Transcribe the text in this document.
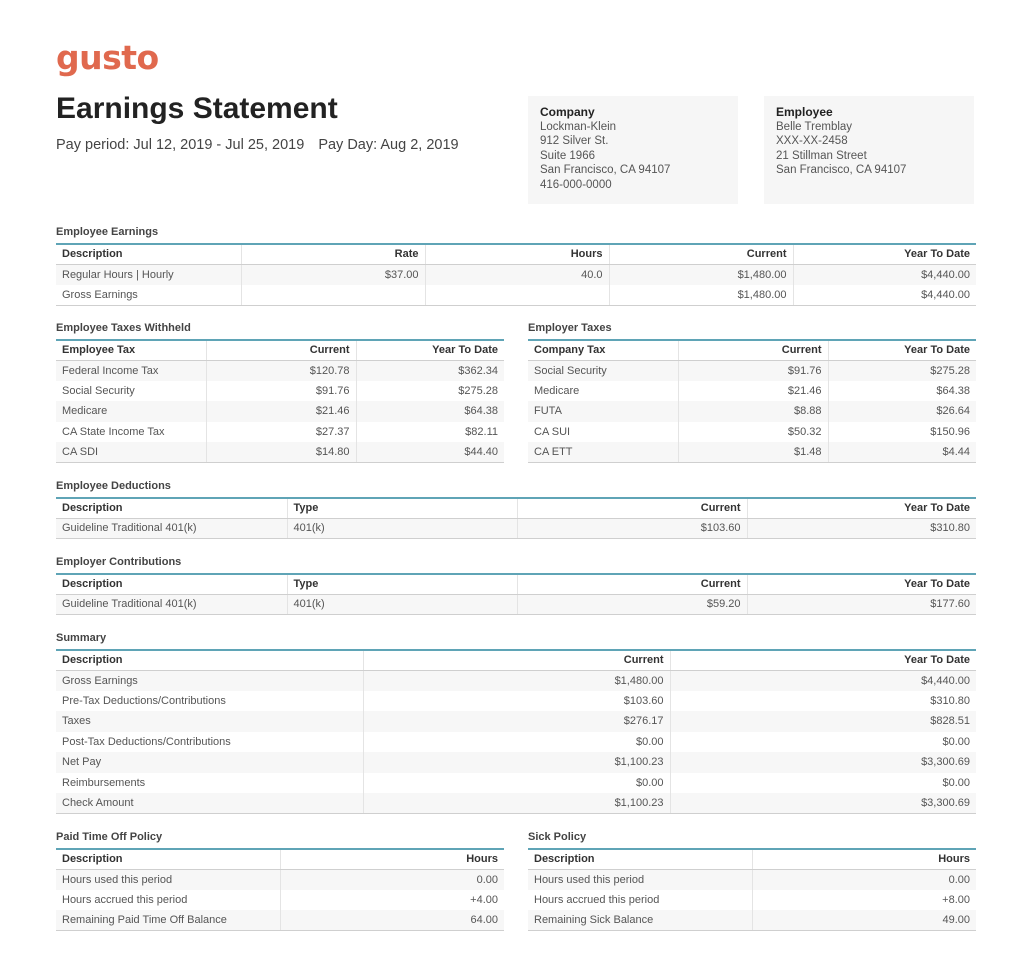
gusto
Earnings Statement
Pay period: Jul 12, 2019 - Jul 25, 2019 Pay Day: Aug 2, 2019
Company
Lockman-Klein
912 Silver St.
Suite 1966
San Francisco, CA 94107
416-000-0000
Employee
Belle Tremblay
XXX-XX-2458
21 Stillman Street
San Francisco, CA 94107
Employee Earnings
Description	Rate	Hours	Current	Year To Date
Regular Hours | Hourly	$37.00	40.0	$1,480.00	$4,440.00
Gross Earnings			$1,480.00	$4,440.00
Employee Taxes Withheld
Employee Tax	Current	Year To Date
Federal Income Tax	$120.78	$362.34
Social Security	$91.76	$275.28
Medicare	$21.46	$64.38
CA State Income Tax	$27.37	$82.11
CA SDI	$14.80	$44.40
Employer Taxes
Company Tax	Current	Year To Date
Social Security	$91.76	$275.28
Medicare	$21.46	$64.38
FUTA	$8.88	$26.64
CA SUI	$50.32	$150.96
CA ETT	$1.48	$4.44
Employee Deductions
Description	Type	Current	Year To Date
Guideline Traditional 401(k)	401(k)	$103.60	$310.80
Employer Contributions
Description	Type	Current	Year To Date
Guideline Traditional 401(k)	401(k)	$59.20	$177.60
Summary
Description	Current	Year To Date
Gross Earnings	$1,480.00	$4,440.00
Pre-Tax Deductions/Contributions	$103.60	$310.80
Taxes	$276.17	$828.51
Post-Tax Deductions/Contributions	$0.00	$0.00
Net Pay	$1,100.23	$3,300.69
Reimbursements	$0.00	$0.00
Check Amount	$1,100.23	$3,300.69
Paid Time Off Policy
Description	Hours
Hours used this period	0.00
Hours accrued this period	+4.00
Remaining Paid Time Off Balance	64.00
Sick Policy
Description	Hours
Hours used this period	0.00
Hours accrued this period	+8.00
Remaining Sick Balance	49.00
